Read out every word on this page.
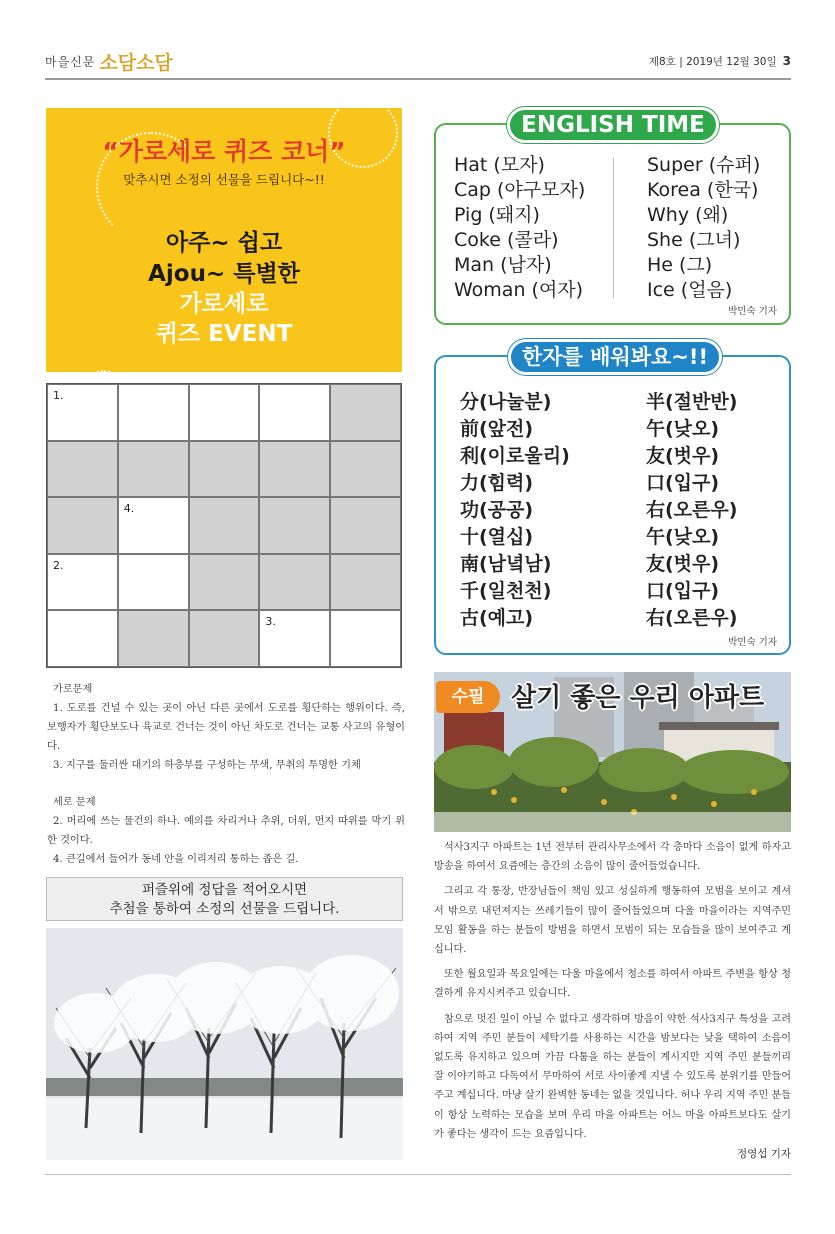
마을신문 소담소담	제8호 | 2019년 12월 30일 3
“가로세로 퀴즈 코너”
맞추시면 소정의 선물을 드립니다~!!
아주~ 쉽고
Ajou~ 특별한
가로세로
퀴즈 EVENT
1.
4.
2.
3.
가로문제
1. 도로를 건널 수 있는 곳이 아닌 다른 곳에서 도로를 횡단하는 행위이다. 즉, 보행자가 횡단보도나 육교로 건너는 것이 아닌 차도로 건너는 교통 사고의 유형이다.
3. 지구를 둘러싼 대기의 하층부를 구성하는 무색, 무취의 투명한 기체
세로 문제
2. 머리에 쓰는 물건의 하나. 예의를 차리거나 추위, 더위, 먼지 따위를 막기 위한 것이다.
4. 큰길에서 들어가 동네 안을 이리저리 통하는 좁은 길.
퍼즐위에 정답을 적어오시면
추첨을 통하여 소정의 선물을 드립니다.
ENGLISH TIME
Hat (모자)
Cap (야구모자)
Pig (돼지)
Coke (콜라)
Man (남자)
Woman (여자)
Super (슈퍼)
Korea (한국)
Why (왜)
She (그녀)
He (그)
Ice (얼음)
박민숙 기자
한자를 배워봐요~!!
分(나눌분)
前(앞전)
利(이로울리)
力(힘력)
功(공공)
十(열십)
南(남녘남)
千(일천천)
古(예고)
半(절반반)
午(낮오)
友(벗우)
口(입구)
右(오른우)
午(낮오)
友(벗우)
口(입구)
右(오른우)
박민숙 기자
수필	살기 좋은 우리 아파트

석사3지구 아파트는 1년 전부터 관리사무소에서 각 층마다 소음이 없게 하자고 방송을 하여서 요즘에는 층간의 소음이 많이 줄어들었습니다.

그리고 각 통장, 반장님들이 책임 있고 성실하게 행동하여 모범을 보이고 계셔서 밖으로 내던져지는 쓰레기들이 많이 줄어들었으며 다울 마을이라는 지역주민모임 활동을 하는 분들이 방범을 하면서 모범이 되는 모습들을 많이 보여주고 계십니다.

또한 월요일과 목요일에는 다울 마을에서 청소를 하여서 아파트 주변을 항상 청결하게 유지시켜주고 있습니다.

참으로 멋진 일이 아닐 수 없다고 생각하며 방음이 약한 석사3지구 특성을 고려하여 지역 주민 분들이 세탁기를 사용하는 시간을 밤보다는 낮을 택하여 소음이 없도록 유지하고 있으며 가끔 다툼을 하는 분들이 계시지만 지역 주민 분들끼리 잘 이야기하고 다독여서 무마하여 서로 사이좋게 지낼 수 있도록 분위기를 만들어 주고 계십니다. 마냥 살기 완벽한 동네는 없을 것입니다. 허나 우리 지역 주민 분들이 항상 노력하는 모습을 보며 우리 마을 아파트는 어느 마을 아파트보다도 살기가 좋다는 생각이 드는 요즘입니다.

정영섭 기자
